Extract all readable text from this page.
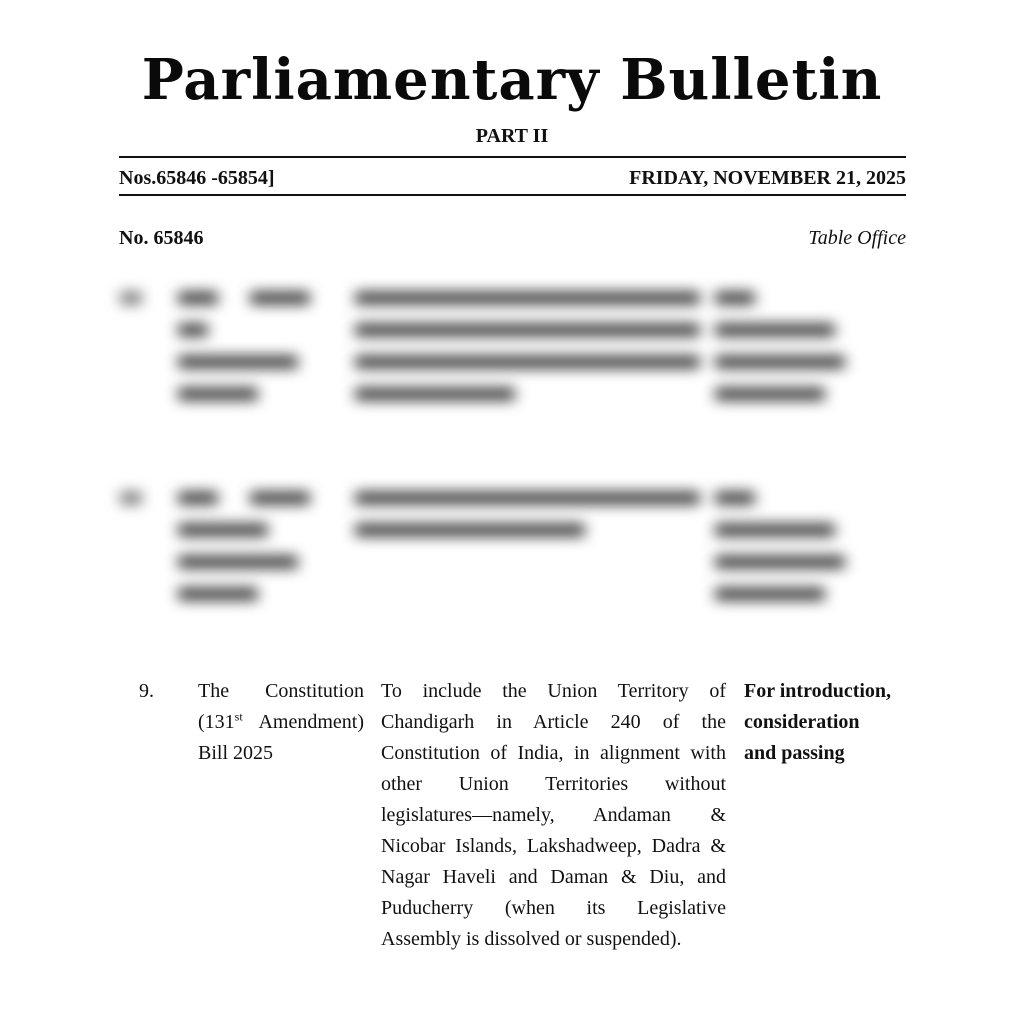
Parliamentary Bulletin
PART II
Nos.65846 -65854]	FRIDAY, NOVEMBER 21, 2025
No. 65846	Table Office
9. The Constitution (131st Amendment) Bill 2025
To include the Union Territory of Chandigarh in Article 240 of the Constitution of India, in alignment with other Union Territories without legislatures—namely, Andaman & Nicobar Islands, Lakshadweep, Dadra & Nagar Haveli and Daman & Diu, and Puducherry (when its Legislative Assembly is dissolved or suspended).
For introduction, consideration and passing
